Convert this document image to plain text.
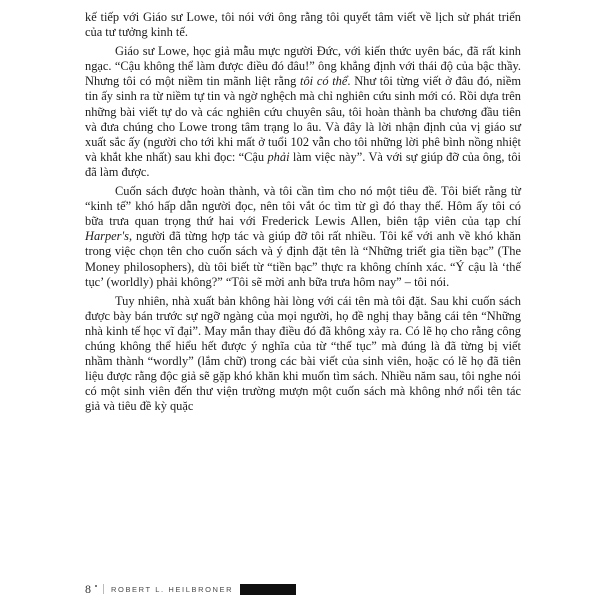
kế tiếp với Giáo sư Lowe, tôi nói với ông rằng tôi quyết tâm viết về lịch sử phát triển của tư tưởng kinh tế.

Giáo sư Lowe, học giả mẫu mực người Đức, với kiến thức uyên bác, đã rất kinh ngạc. “Cậu không thể làm được điều đó đâu!” ông khẳng định với thái độ của bậc thầy. Nhưng tôi có một niềm tin mãnh liệt rằng tôi có thể. Như tôi từng viết ở đâu đó, niềm tin ấy sinh ra từ niềm tự tin và ngờ nghệch mà chỉ nghiên cứu sinh mới có. Rồi dựa trên những bài viết tự do và các nghiên cứu chuyên sâu, tôi hoàn thành ba chương đầu tiên và đưa chúng cho Lowe trong tâm trạng lo âu. Và đây là lời nhận định của vị giáo sư xuất sắc ấy (người cho tới khi mất ở tuổi 102 vẫn cho tôi những lời phê bình nồng nhiệt và khắt khe nhất) sau khi đọc: “Cậu phải làm việc này”. Và với sự giúp đỡ của ông, tôi đã làm được.

Cuốn sách được hoàn thành, và tôi cần tìm cho nó một tiêu đề. Tôi biết rằng từ “kinh tế” khó hấp dẫn người đọc, nên tôi vắt óc tìm từ gì đó thay thế. Hôm ấy tôi có bữa trưa quan trọng thứ hai với Frederick Lewis Allen, biên tập viên của tạp chí Harper's, người đã từng hợp tác và giúp đỡ tôi rất nhiều. Tôi kể với anh về khó khăn trong việc chọn tên cho cuốn sách và ý định đặt tên là “Những triết gia tiền bạc” (The Money philosophers), dù tôi biết từ “tiền bạc” thực ra không chính xác. “Ý cậu là ‘thế tục’ (worldly) phải không?” “Tôi sẽ mời anh bữa trưa hôm nay” – tôi nói.

Tuy nhiên, nhà xuất bản không hài lòng với cái tên mà tôi đặt. Sau khi cuốn sách được bày bán trước sự ngỡ ngàng của mọi người, họ đề nghị thay bằng cái tên “Những nhà kinh tế học vĩ đại”. May mắn thay điều đó đã không xảy ra. Có lẽ họ cho rằng công chúng không thể hiểu hết được ý nghĩa của từ “thế tục” mà đúng là đã từng bị viết nhầm thành “wordly” (lắm chữ) trong các bài viết của sinh viên, hoặc có lẽ họ đã tiên liệu được rằng độc giả sẽ gặp khó khăn khi muốn tìm sách. Nhiều năm sau, tôi nghe nói có một sinh viên đến thư viện trường mượn một cuốn sách mà không nhớ nổi tên tác giả và tiêu đề kỳ quặc

8	ROBERT L. HEILBRONER
